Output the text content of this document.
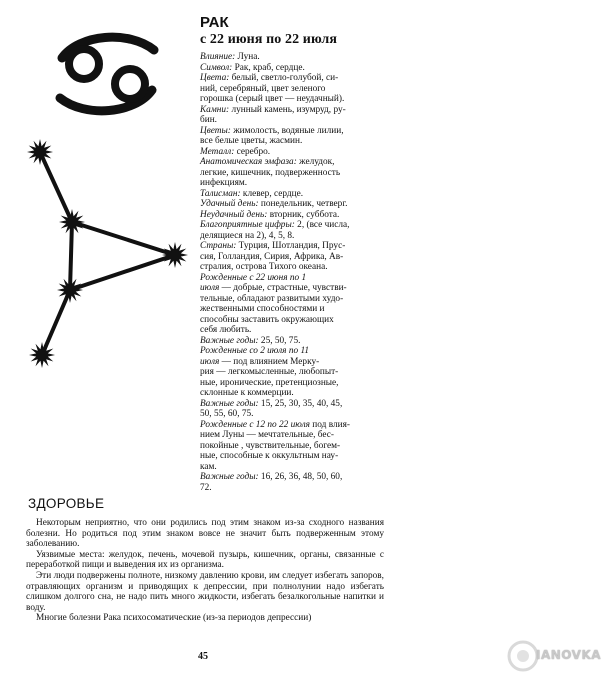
РАК
с 22 июня по 22 июля
Влияние: Луна.
Символ: Рак, краб, сердце.
Цвета: белый, светло-голубой, си-
ний, серебряный, цвет зеленого
горошка (серый цвет — неудачный).
Камни: лунный камень, изумруд, ру-
бин.
Цветы: жимолость, водяные лилии,
все белые цветы, жасмин.
Металл: серебро.
Анатомическая эмфаза: желудок,
легкие, кишечник, подверженность
инфекциям.
Талисман: клевер, сердце.
Удачный день: понедельник, четверг.
Неудачный день: вторник, суббота.
Благоприятные цифры: 2, (все числа,
делящиеся на 2), 4, 5, 8.
Страны: Турция, Шотландия, Прус-
сия, Голландия, Сирия, Африка, Ав-
стралия, острова Тихого океана.
Рожденные с 22 июня по 1
июля — добрые, страстные, чувстви-
тельные, обладают развитыми худо-
жественными способностями и
способны заставить окружающих
себя любить.
Важные годы: 25, 50, 75.
Рожденные со 2 июля по 11
июля — под влиянием Мерку-
рия — легкомысленные, любопыт-
ные, иронические, претенциозные,
склонные к коммерции.
Важные годы: 15, 25, 30, 35, 40, 45,
50, 55, 60, 75.
Рожденные с 12 по 22 июля под влия-
нием Луны — мечтательные, бес-
покойные , чувствительные, богем-
ные, способные к оккультным нау-
кам.
Важные годы: 16, 26, 36, 48, 50, 60,
72.
ЗДОРОВЬЕ

Некоторым неприятно, что они родились под этим знаком из-за сходного названия болезни. Но родиться под этим знаком вовсе не значит быть подверженным этому заболеванию.

Уязвимые места: желудок, печень, мочевой пузырь, кишечник, органы, связанные с переработкой пищи и выведения их из организма.

Эти люди подвержены полноте, низкому давлению крови, им следует избегать запоров, отравляющих организм и приводящих к депрессии, при полнолунии надо избегать слишком долгого сна, не надо пить много жидкости, избегать безалкогольные напитки и воду.

Многие болезни Рака психосоматические (из-за периодов депрессии)

45	IANOVKA
